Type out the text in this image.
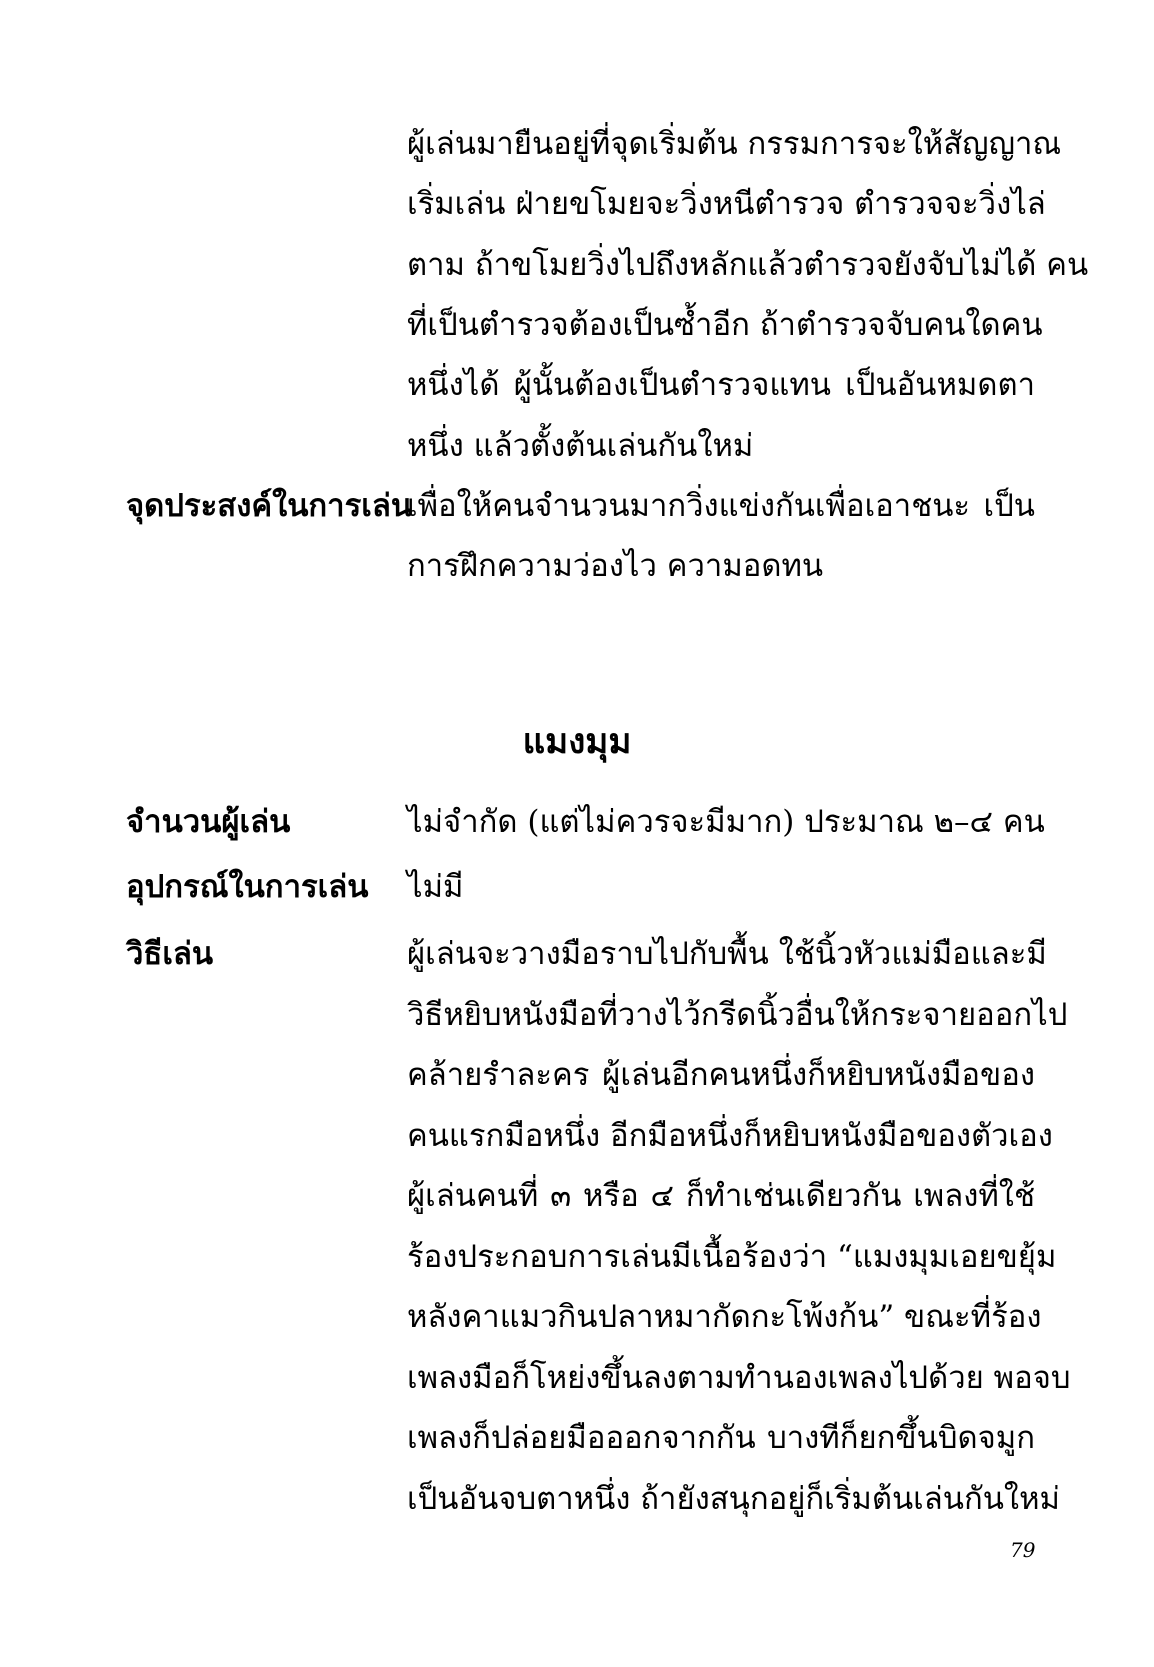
ผู้เล่นมายืนอยู่ที่จุดเริ่มต้น กรรมการจะให้สัญญาณ
เริ่มเล่น ฝ่ายขโมยจะวิ่งหนีตำรวจ ตำรวจจะวิ่งไล่
ตาม ถ้าขโมยวิ่งไปถึงหลักแล้วตำรวจยังจับไม่ได้ คน
ที่เป็นตำรวจต้องเป็นซ้ำอีก ถ้าตำรวจจับคนใดคน
หนึ่งได้ ผู้นั้นต้องเป็นตำรวจแทน เป็นอันหมดตา
หนึ่ง แล้วตั้งต้นเล่นกันใหม่
จุดประสงค์ในการเล่น
เพื่อให้คนจำนวนมากวิ่งแข่งกันเพื่อเอาชนะ เป็น
การฝึกความว่องไว ความอดทน
แมงมุม
จำนวนผู้เล่น	ไม่จำกัด (แต่ไม่ควรจะมีมาก) ประมาณ ๒–๔ คน
อุปกรณ์ในการเล่น ไม่มี
วิธีเล่น	ผู้เล่นจะวางมือราบไปกับพื้น ใช้นิ้วหัวแม่มือและมี
วิธีหยิบหนังมือที่วางไว้กรีดนิ้วอื่นให้กระจายออกไป
คล้ายรำละคร ผู้เล่นอีกคนหนึ่งก็หยิบหนังมือของ
คนแรกมือหนึ่ง อีกมือหนึ่งก็หยิบหนังมือของตัวเอง
ผู้เล่นคนที่ ๓ หรือ ๔ ก็ทำเช่นเดียวกัน เพลงที่ใช้
ร้องประกอบการเล่นมีเนื้อร้องว่า “แมงมุมเอยขยุ้ม
หลังคาแมวกินปลาหมากัดกะโพ้งก้น” ขณะที่ร้อง
เพลงมือก็โหย่งขึ้นลงตามทำนองเพลงไปด้วย พอจบ
เพลงก็ปล่อยมือออกจากกัน บางทีก็ยกขึ้นบิดจมูก
เป็นอันจบตาหนึ่ง ถ้ายังสนุกอยู่ก็เริ่มต้นเล่นกันใหม่
79
